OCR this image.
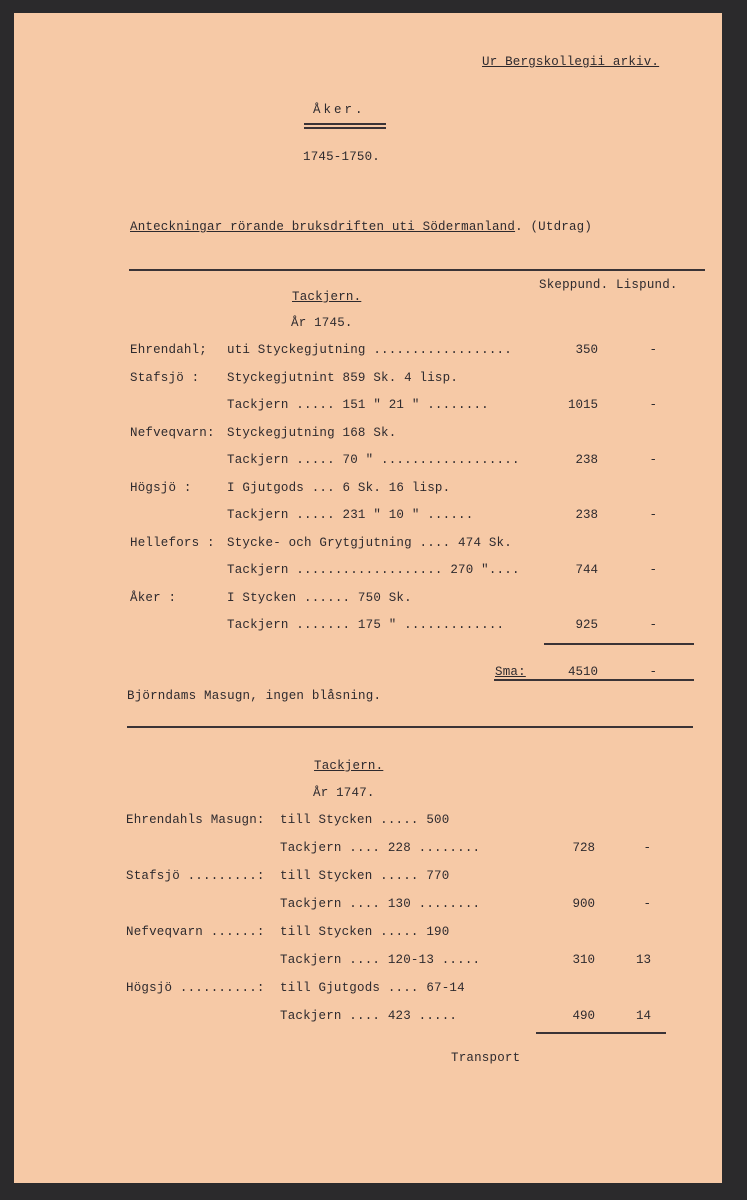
Ur Bergskollegii arkiv.
Åker.
1745-1750.
Anteckningar rörande bruksdriften uti Södermanland. (Utdrag)
Skeppund. Lispund.
Tackjern.
År 1745.
Ehrendahl; uti Styckegjutning ..................	350	-
Stafsjö : Styckegjutnint 859 Sk. 4 lisp.
Tackjern ..... 151 " 21 " ........	1015	-
Nefveqvarn: Styckegjutning 168 Sk.
Tackjern ..... 70 " ..................	238	-
Högsjö :	I Gjutgods ... 6 Sk. 16 lisp.
Tackjern ..... 231 " 10 " ......	238	-
Hellefors : Stycke- och Grytgjutning .... 474 Sk.
Tackjern ................... 270 "....	744	-
Åker :	I Stycken ...... 750 Sk.
Tackjern ....... 175 " .............	925	-
Sma:	4510	-
Björndams Masugn, ingen blåsning.
Tackjern.
År 1747.
Ehrendahls Masugn: till Stycken ..... 500
Tackjern .... 228 ........	728	-
Stafsjö .........: till Stycken ..... 770
Tackjern .... 130 ........	900	-
Nefveqvarn ......: till Stycken ..... 190
Tackjern .... 120-13 .....	310	13
Högsjö ..........: till Gjutgods .... 67-14
Tackjern .... 423 .....	490	14
Transport
